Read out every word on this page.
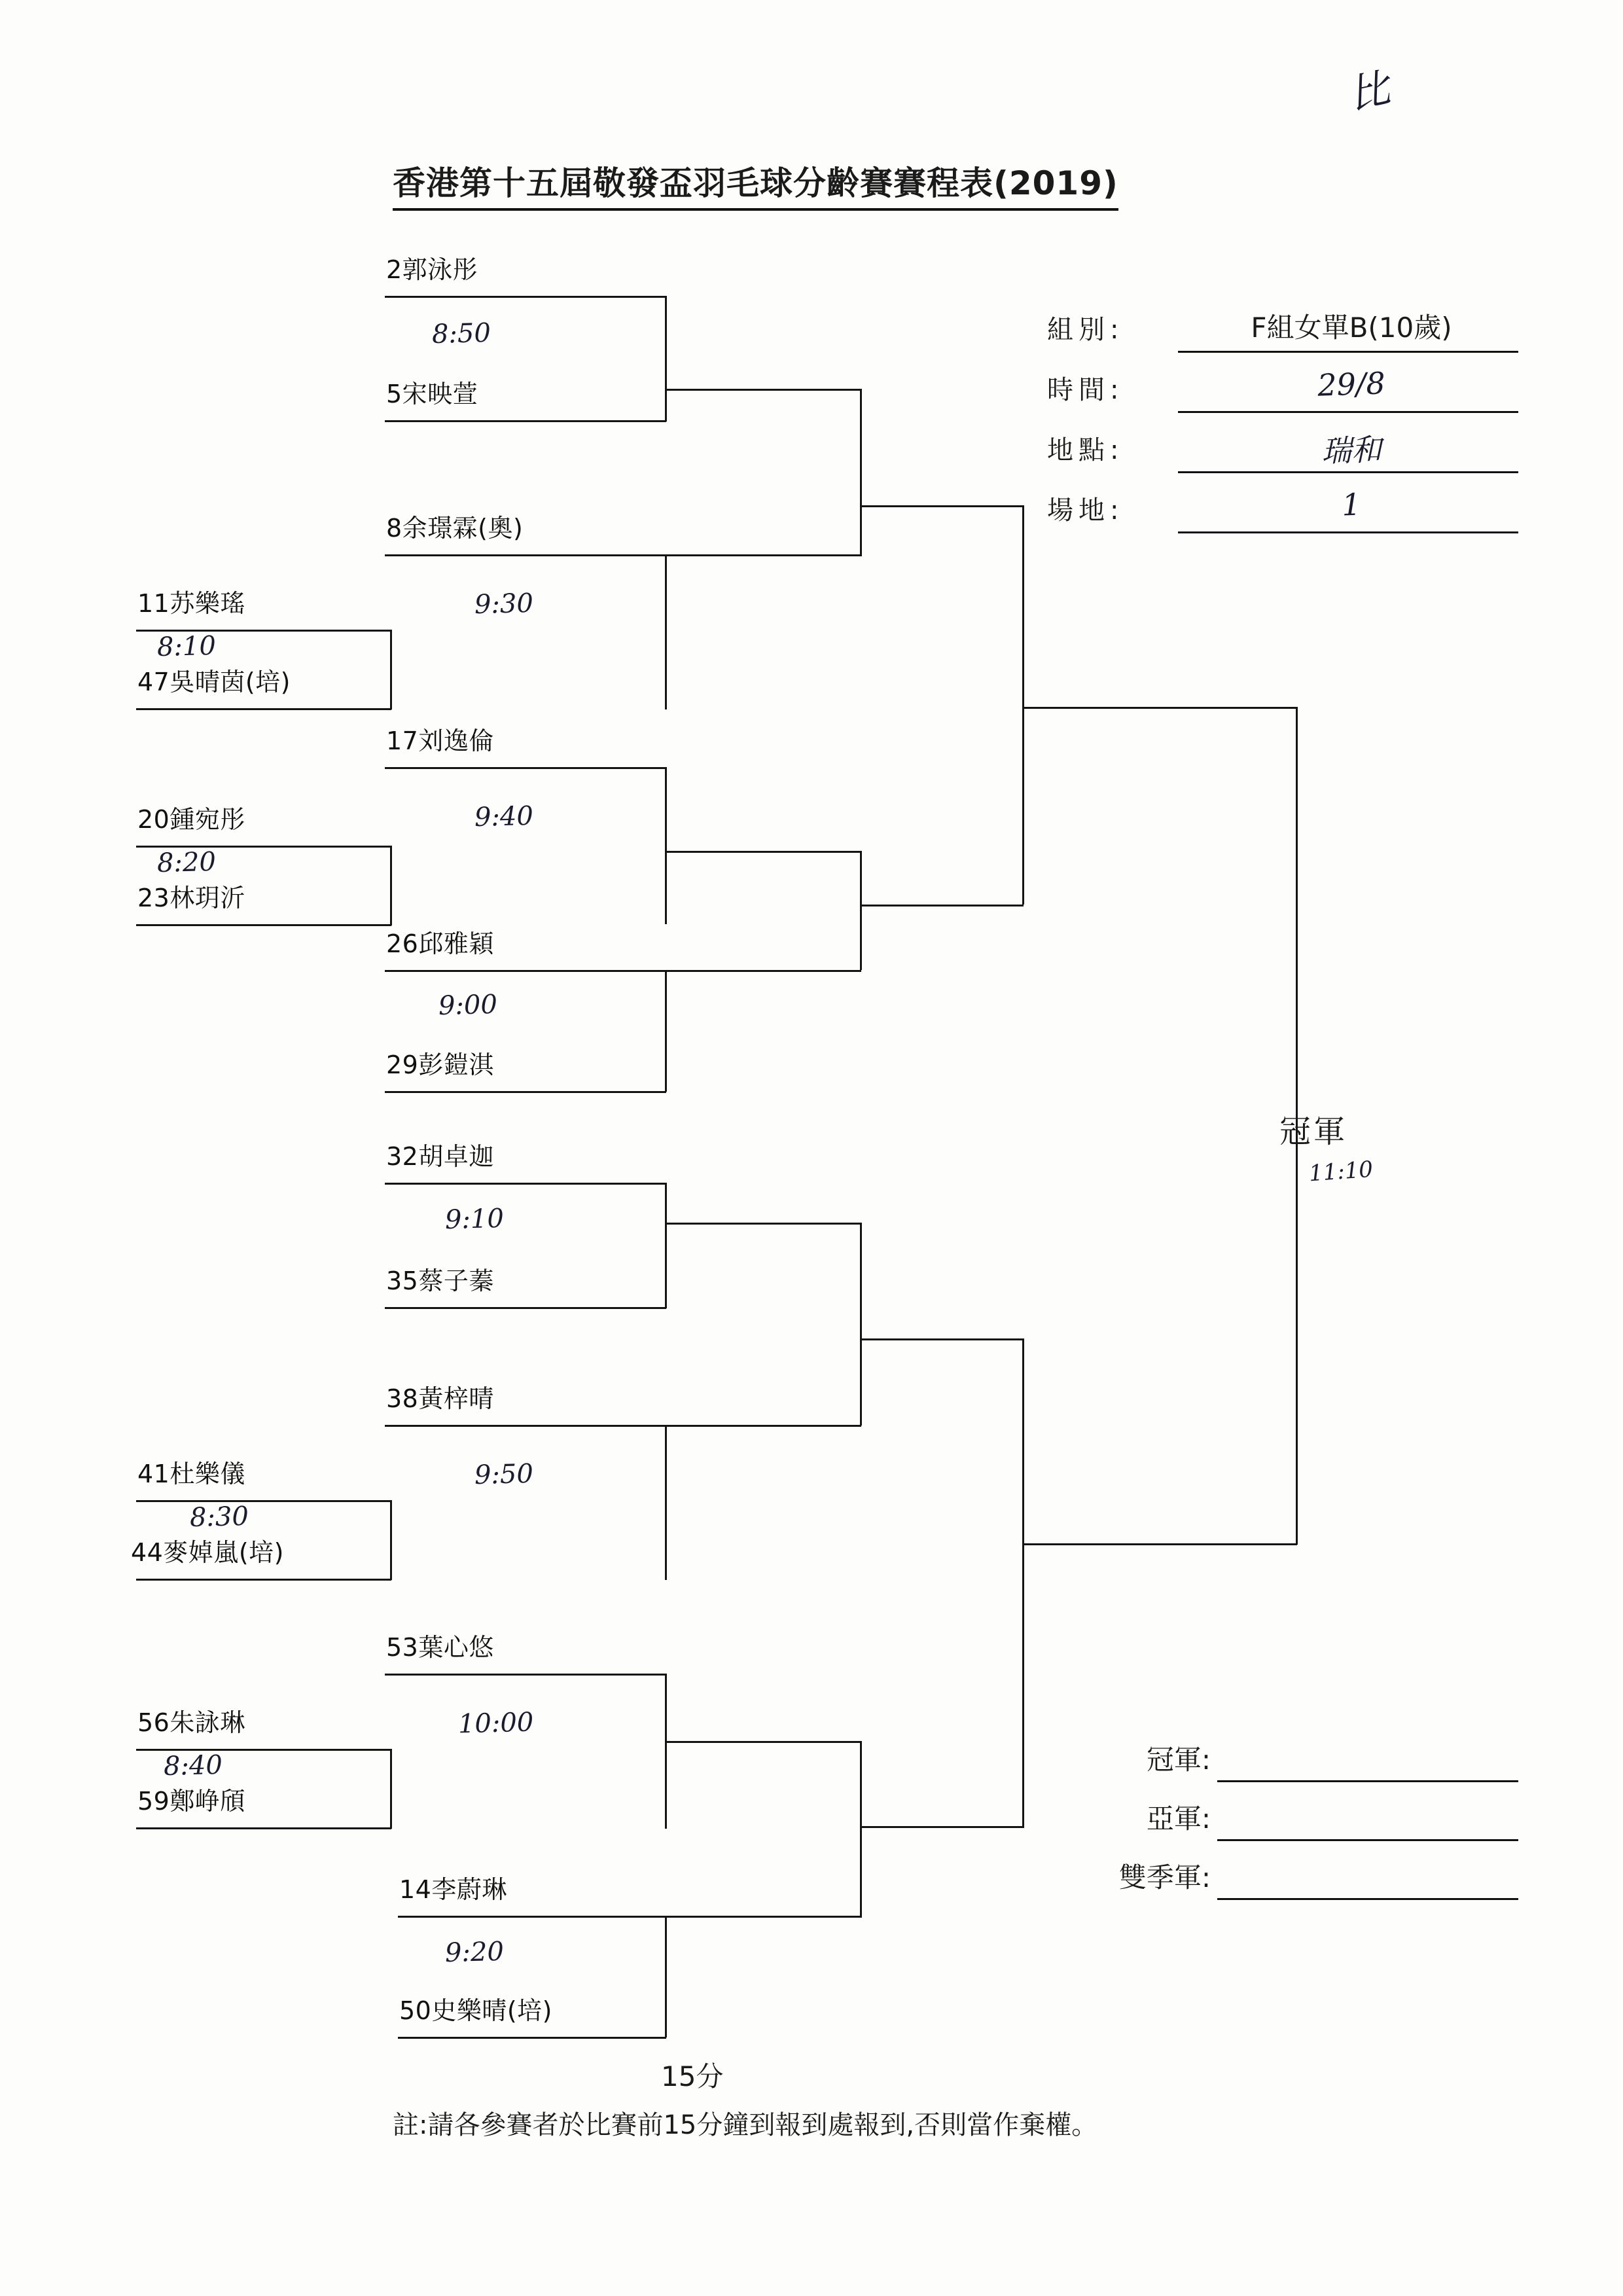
比
香港第十五屆敬發盃羽毛球分齡賽賽程表(2019)
組別:	F組女單B(10歲)
時間:	29/8
地點:	瑞和
場地:	1
2郭泳彤
8:50
5宋映萱
11苏樂瑤
8:10
47吳晴茵(培)
8余璟霖(奧)
9:30
20鍾宛彤
8:20
23林玥沂
17刘逸倫
9:40
26邱雅穎
9:00
29彭鎧淇
32胡卓迦
9:10
35蔡子蓁
41杜樂儀
8:30
44麥婥嵐(培)
38黃梓晴
9:50
56朱詠琳
8:40
59鄭峥頎
53葉心悠
10:00
14李蔚琳
9:20
50史樂晴(培)
冠軍
11:10
冠軍:
亞軍:
雙季軍:
15分
註:請各參賽者於比賽前15分鐘到報到處報到,否則當作棄權。
